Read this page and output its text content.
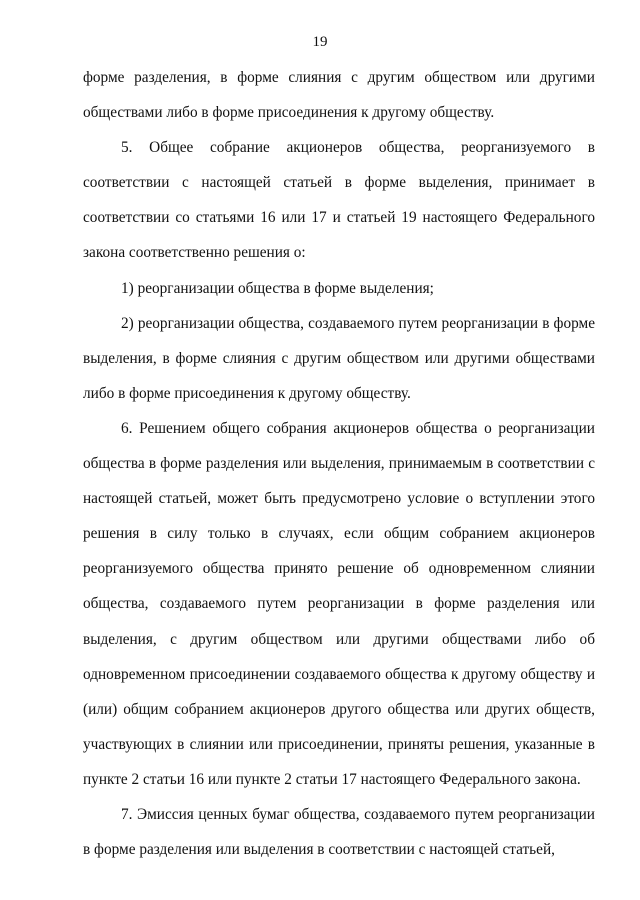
19

форме разделения, в форме слияния с другим обществом или другими обществами либо в форме присоединения к другому обществу.

5. Общее собрание акционеров общества, реорганизуемого в соответствии с настоящей статьей в форме выделения, принимает в соответствии со статьями 16 или 17 и статьей 19 настоящего Федерального закона соответственно решения о:

1) реорганизации общества в форме выделения;

2) реорганизации общества, создаваемого путем реорганизации в форме выделения, в форме слияния с другим обществом или другими обществами либо в форме присоединения к другому обществу.

6. Решением общего собрания акционеров общества о реорганизации общества в форме разделения или выделения, принимаемым в соответствии с настоящей статьей, может быть предусмотрено условие о вступлении этого решения в силу только в случаях, если общим собранием акционеров реорганизуемого общества принято решение об одновременном слиянии общества, создаваемого путем реорганизации в форме разделения или выделения, с другим обществом или другими обществами либо об одновременном присоединении создаваемого общества к другому обществу и (или) общим собранием акционеров другого общества или других обществ, участвующих в слиянии или присоединении, приняты решения, указанные в пункте 2 статьи 16 или пункте 2 статьи 17 настоящего Федерального закона.

7. Эмиссия ценных бумаг общества, создаваемого путем реорганизации в форме разделения или выделения в соответствии с настоящей статьей,
